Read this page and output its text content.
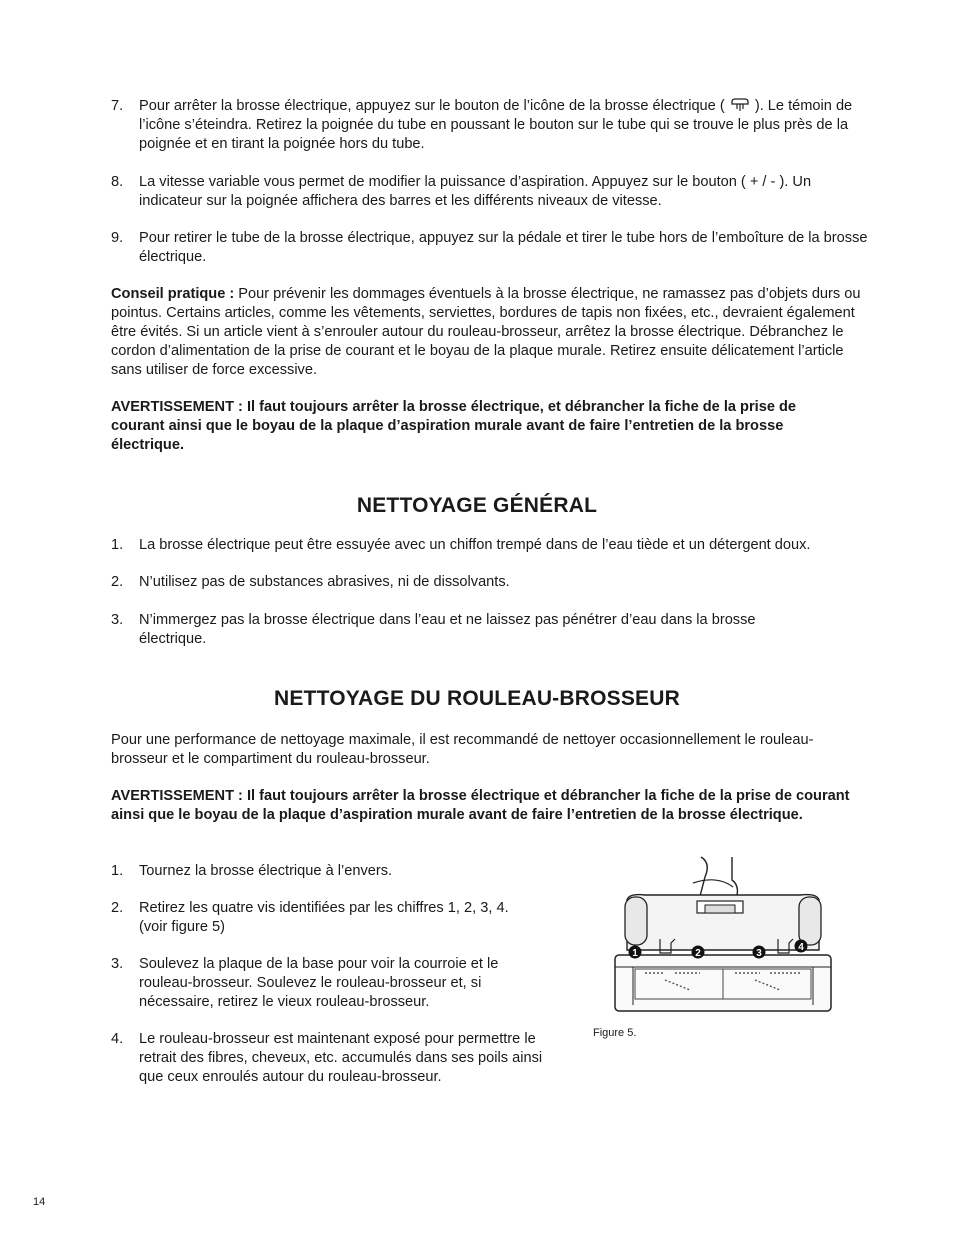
7.	Pour arrêter la brosse électrique, appuyez sur le bouton de l’icône de la brosse électrique ( ). Le témoin de l’icône s’éteindra. Retirez la poignée du tube en poussant le bouton sur le tube qui se trouve le plus près de la poignée et en tirant la poignée hors du tube.
8.	La vitesse variable vous permet de modifier la puissance d’aspiration. Appuyez sur le bouton ( + / - ). Un indicateur sur la poignée affichera des barres et les différents niveaux de vitesse.
9.	Pour retirer le tube de la brosse électrique, appuyez sur la pédale et tirer le tube hors de l’emboîture de la brosse électrique.
Conseil pratique : Pour prévenir les dommages éventuels à la brosse électrique, ne ramassez pas d’objets durs ou pointus. Certains articles, comme les vêtements, serviettes, bordures de tapis non fixées, etc., devraient également être évités. Si un article vient à s’enrouler autour du rouleau-brosseur, arrêtez la brosse électrique. Débranchez le cordon d’alimentation de la prise de courant et le boyau de la plaque murale. Retirez ensuite délicatement l’article sans utiliser de force excessive.
AVERTISSEMENT : Il faut toujours arrêter la brosse électrique, et débrancher la fiche de la prise de courant ainsi que le boyau de la plaque d’aspiration murale avant de faire l’entretien de la brosse électrique.
NETTOYAGE GÉNÉRAL
1.	La brosse électrique peut être essuyée avec un chiffon trempé dans de l’eau tiède et un détergent doux.
2.	N’utilisez pas de substances abrasives, ni de dissolvants.
3.	N’immergez pas la brosse électrique dans l’eau et ne laissez pas pénétrer d’eau dans la brosse électrique.
NETTOYAGE DU ROULEAU-BROSSEUR
Pour une performance de nettoyage maximale, il est recommandé de nettoyer occasionnellement le rouleau-brosseur et le compartiment du rouleau-brosseur.
AVERTISSEMENT : Il faut toujours arrêter la brosse électrique et débrancher la fiche de la prise de courant ainsi que le boyau de la plaque d’aspiration murale avant de faire l’entretien de la brosse électrique.
1.	Tournez la brosse électrique à l’envers.
2.	Retirez les quatre vis identifiées par les chiffres 1, 2, 3, 4. (voir figure 5)
3.	Soulevez la plaque de la base pour voir la courroie et le rouleau-brosseur. Soulevez le rouleau-brosseur et, si nécessaire, retirez le vieux rouleau-brosseur.
4.	Le rouleau-brosseur est maintenant exposé pour permettre le retrait des fibres, cheveux, etc. accumulés dans ses poils ainsi que ceux enroulés autour du rouleau-brosseur.
1	2	3
4
Figure 5.
14
